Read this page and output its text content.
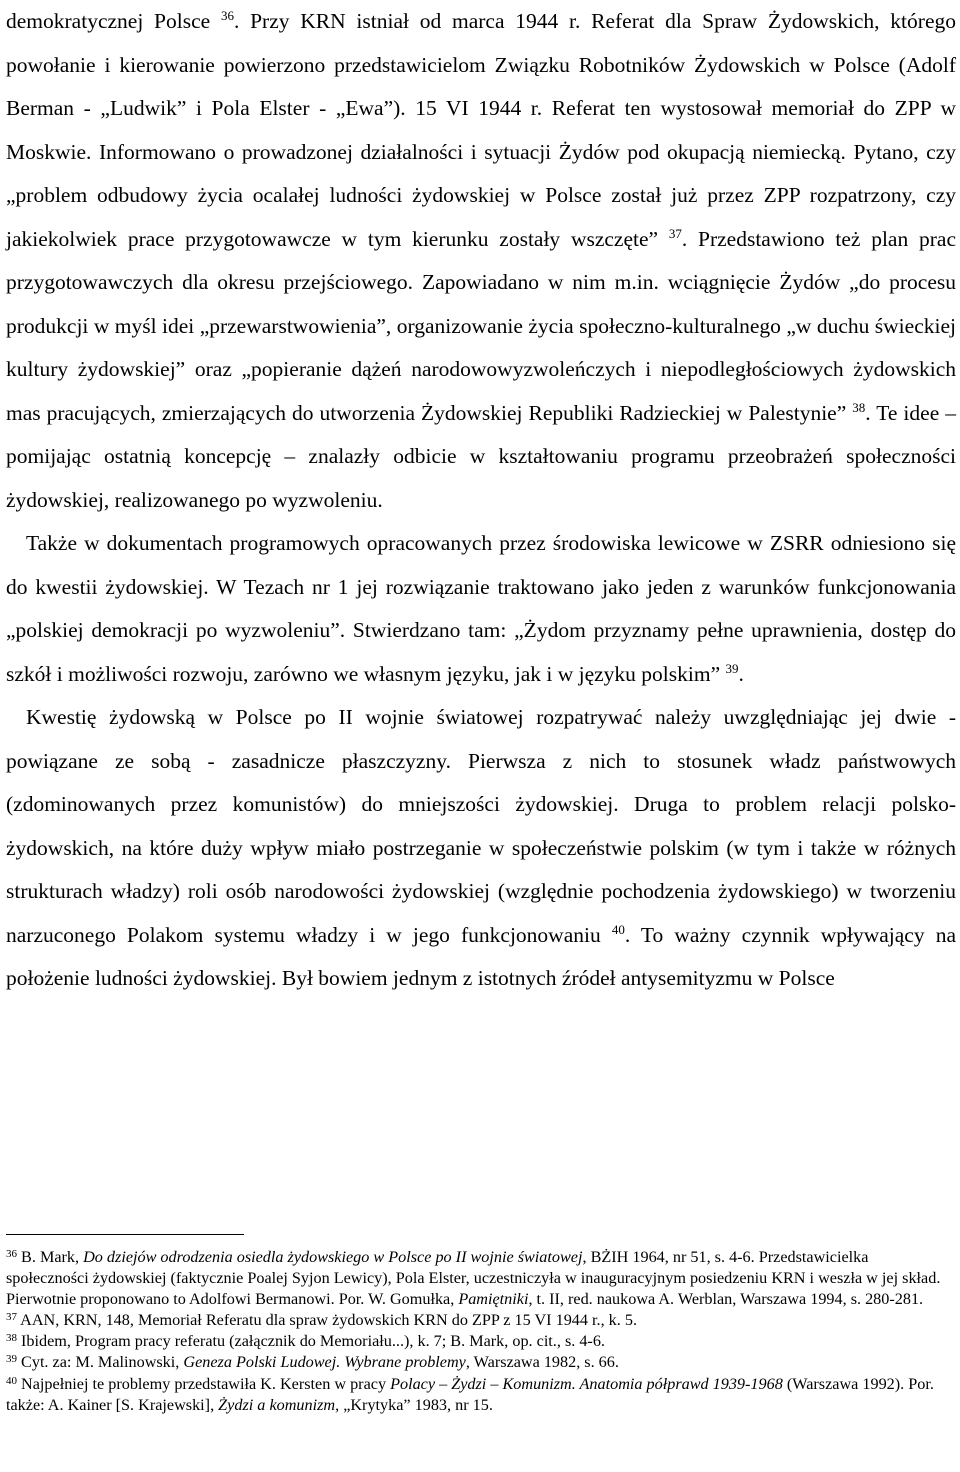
demokratycznej Polsce $^{36}$. Przy KRN istniał od marca 1944 r. Referat dla Spraw Żydowskich, którego powołanie i kierowanie powierzono przedstawicielom Związku Robotników Żydowskich w Polsce (Adolf Berman - „Ludwik” i Pola Elster - „Ewa”). 15 VI 1944 r. Referat ten wystosował memoriał do ZPP w Moskwie. Informowano o prowadzonej działalności i sytuacji Żydów pod okupacją niemiecką. Pytano, czy „problem odbudowy życia ocalałej ludności żydowskiej w Polsce został już przez ZPP rozpatrzony, czy jakiekolwiek prace przygotowawcze w tym kierunku zostały wszczęte” $^{37}$. Przedstawiono też plan prac przygotowawczych dla okresu przejściowego. Zapowiadano w nim m.in. wciągnięcie Żydów „do procesu produkcji w myśl idei „przewarstwowienia”, organizowanie życia społeczno-kulturalnego „w duchu świeckiej kultury żydowskiej” oraz „popieranie dążeń narodowowyzwoleńczych i niepodległościowych żydowskich mas pracujących, zmierzających do utworzenia Żydowskiej Republiki Radzieckiej w Palestynie” $^{38}$. Te idee – pomijając ostatnią koncepcję – znalazły odbicie w kształtowaniu programu przeobrażeń społeczności żydowskiej, realizowanego po wyzwoleniu.

Także w dokumentach programowych opracowanych przez środowiska lewicowe w ZSRR odniesiono się do kwestii żydowskiej. W Tezach nr 1 jej rozwiązanie traktowano jako jeden z warunków funkcjonowania „polskiej demokracji po wyzwoleniu”. Stwierdzano tam: „Żydom przyznamy pełne uprawnienia, dostęp do szkół i możliwości rozwoju, zarówno we własnym języku, jak i w języku polskim” $^{39}$.

Kwestię żydowską w Polsce po II wojnie światowej rozpatrywać należy uwzględniając jej dwie - powiązane ze sobą - zasadnicze płaszczyzny. Pierwsza z nich to stosunek władz państwowych (zdominowanych przez komunistów) do mniejszości żydowskiej. Druga to problem relacji polsko-żydowskich, na które duży wpływ miało postrzeganie w społeczeństwie polskim (w tym i także w różnych strukturach władzy) roli osób narodowości żydowskiej (względnie pochodzenia żydowskiego) w tworzeniu narzuconego Polakom systemu władzy i w jego funkcjonowaniu $^{40}$. To ważny czynnik wpływający na położenie ludności żydowskiej. Był bowiem jednym z istotnych źródeł antysemityzmu w Polsce

$^{36}$ B. Mark, Do dziejów odrodzenia osiedla żydowskiego w Polsce po II wojnie światowej, BŻIH 1964, nr 51, s. 4-6. Przedstawicielka społeczności żydowskiej (faktycznie Poalej Syjon Lewicy), Pola Elster, uczestniczyła w inauguracyjnym posiedzeniu KRN i weszła w jej skład. Pierwotnie proponowano to Adolfowi Bermanowi. Por. W. Gomułka, Pamiętniki, t. II, red. naukowa A. Werblan, Warszawa 1994, s. 280-281.

$^{37}$ AAN, KRN, 148, Memoriał Referatu dla spraw żydowskich KRN do ZPP z 15 VI 1944 r., k. 5.

$^{38}$ Ibidem, Program pracy referatu (załącznik do Memoriału...), k. 7; B. Mark, op. cit., s. 4-6.

$^{39}$ Cyt. za: M. Malinowski, Geneza Polski Ludowej. Wybrane problemy, Warszawa 1982, s. 66.

$^{40}$ Najpełniej te problemy przedstawiła K. Kersten w pracy Polacy – Żydzi – Komunizm. Anatomia półprawd 1939-1968 (Warszawa 1992). Por. także: A. Kainer [S. Krajewski], Żydzi a komunizm, „Krytyka” 1983, nr 15.
